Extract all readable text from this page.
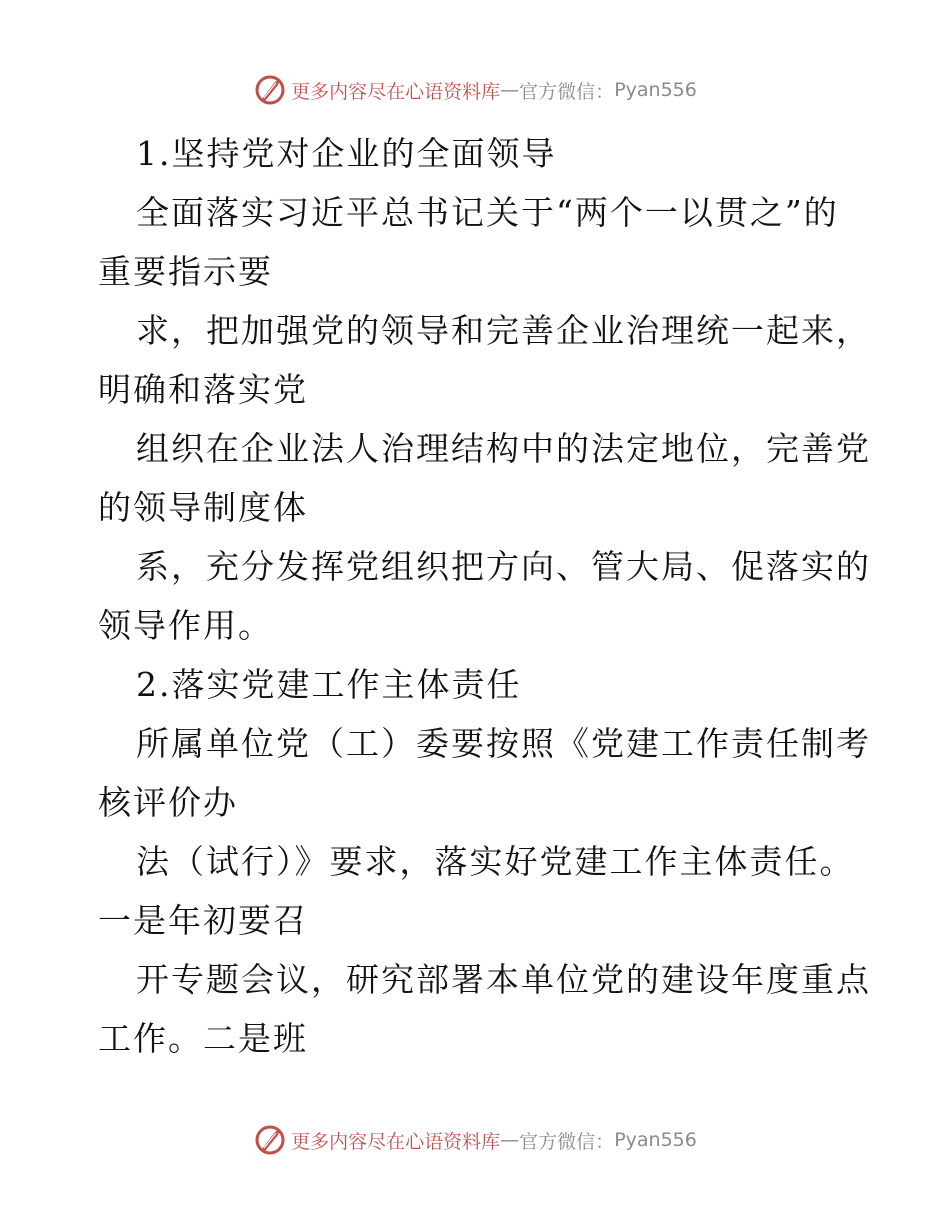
更多内容尽在心语资料库 — 官方微信： Pyan556

1.坚持党对企业的全面领导

全面落实习近平总书记关于“两个一以贯之”的

重要指示要

求，把加强党的领导和完善企业治理统一起来，

明确和落实党

组织在企业法人治理结构中的法定地位，完善党

的领导制度体

系，充分发挥党组织把方向、管大局、促落实的

领导作用。

2.落实党建工作主体责任

所属单位党（工）委要按照《党建工作责任制考

核评价办

法（试行）》要求，落实好党建工作主体责任。

一是年初要召

开专题会议，研究部署本单位党的建设年度重点

工作。二是班

更多内容尽在心语资料库 — 官方微信： Pyan556
